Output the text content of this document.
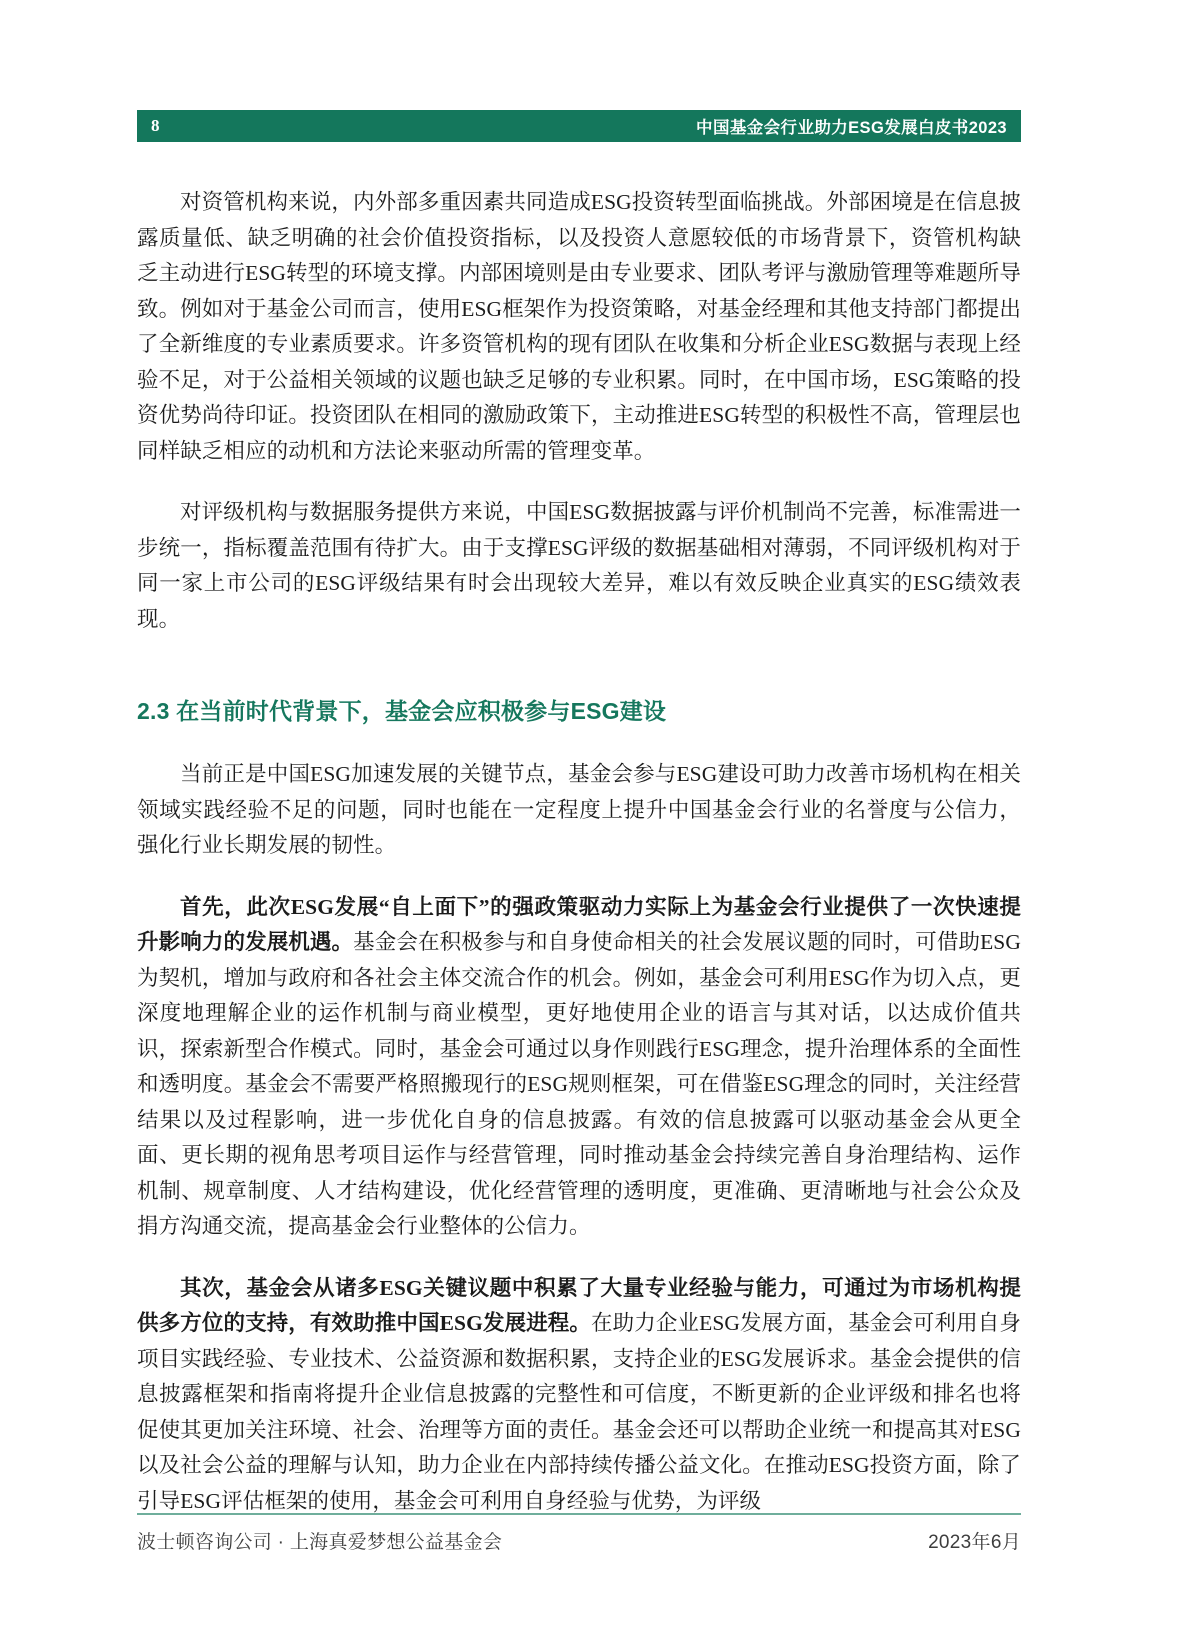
8	中国基金会行业助力ESG发展白皮书2023

对资管机构来说，内外部多重因素共同造成ESG投资转型面临挑战。外部困境是在信息披露质量低、缺乏明确的社会价值投资指标，以及投资人意愿较低的市场背景下，资管机构缺乏主动进行ESG转型的环境支撑。内部困境则是由专业要求、团队考评与激励管理等难题所导致。例如对于基金公司而言，使用ESG框架作为投资策略，对基金经理和其他支持部门都提出了全新维度的专业素质要求。许多资管机构的现有团队在收集和分析企业ESG数据与表现上经验不足，对于公益相关领域的议题也缺乏足够的专业积累。同时，在中国市场，ESG策略的投资优势尚待印证。投资团队在相同的激励政策下，主动推进ESG转型的积极性不高，管理层也同样缺乏相应的动机和方法论来驱动所需的管理变革。

对评级机构与数据服务提供方来说，中国ESG数据披露与评价机制尚不完善，标准需进一步统一，指标覆盖范围有待扩大。由于支撑ESG评级的数据基础相对薄弱，不同评级机构对于同一家上市公司的ESG评级结果有时会出现较大差异，难以有效反映企业真实的ESG绩效表现。

2.3 在当前时代背景下，基金会应积极参与ESG建设

当前正是中国ESG加速发展的关键节点，基金会参与ESG建设可助力改善市场机构在相关领域实践经验不足的问题，同时也能在一定程度上提升中国基金会行业的名誉度与公信力，强化行业长期发展的韧性。

首先，此次ESG发展“自上面下”的强政策驱动力实际上为基金会行业提供了一次快速提升影响力的发展机遇。基金会在积极参与和自身使命相关的社会发展议题的同时，可借助ESG为契机，增加与政府和各社会主体交流合作的机会。例如，基金会可利用ESG作为切入点，更深度地理解企业的运作机制与商业模型，更好地使用企业的语言与其对话，以达成价值共识，探索新型合作模式。同时，基金会可通过以身作则践行ESG理念，提升治理体系的全面性和透明度。基金会不需要严格照搬现行的ESG规则框架，可在借鉴ESG理念的同时，关注经营结果以及过程影响，进一步优化自身的信息披露。有效的信息披露可以驱动基金会从更全面、更长期的视角思考项目运作与经营管理，同时推动基金会持续完善自身治理结构、运作机制、规章制度、人才结构建设，优化经营管理的透明度，更准确、更清晰地与社会公众及捐方沟通交流，提高基金会行业整体的公信力。

其次，基金会从诸多ESG关键议题中积累了大量专业经验与能力，可通过为市场机构提供多方位的支持，有效助推中国ESG发展进程。在助力企业ESG发展方面，基金会可利用自身项目实践经验、专业技术、公益资源和数据积累，支持企业的ESG发展诉求。基金会提供的信息披露框架和指南将提升企业信息披露的完整性和可信度，不断更新的企业评级和排名也将促使其更加关注环境、社会、治理等方面的责任。基金会还可以帮助企业统一和提高其对ESG以及社会公益的理解与认知，助力企业在内部持续传播公益文化。在推动ESG投资方面，除了引导ESG评估框架的使用，基金会可利用自身经验与优势，为评级

波士顿咨询公司 · 上海真爱梦想公益基金会	2023年6月
